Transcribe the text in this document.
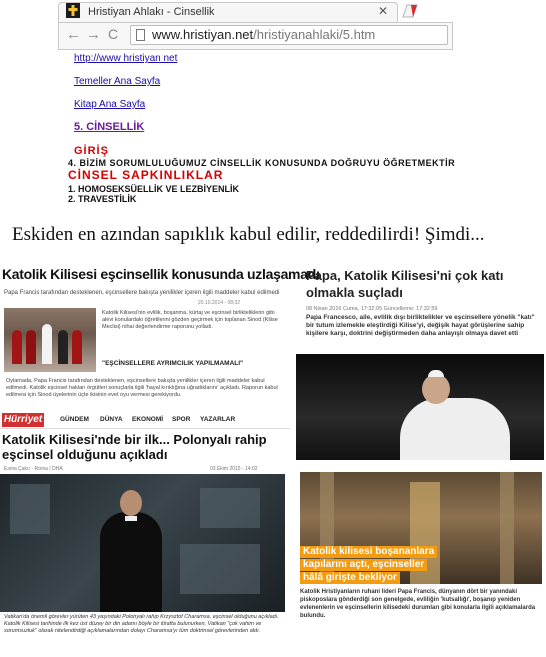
Hristiyan Ahlakı - Cinsellik	✕
← → C	www.hristiyan.net/hristiyanahlaki/5.htm
http://www hristiyan net
Temeller Ana Sayfa
Kitap Ana Sayfa
5. CİNSELLİK
GİRİŞ
4. BİZİM SORUMLULUĞUMUZ CİNSELLİK KONUSUNDA DOĞRUYU ÖĞRETMEKTİR
CİNSEL SAPKINLIKLAR
1. HOMOSEKSÜELLİK VE LEZBİYENLİK
2. TRAVESTİLİK
Eskiden en azından sapıklık kabul edilir, reddedilirdi! Şimdi...
Katolik Kilisesi eşcinsellik konusunda uzlaşamadı
Papa Francis tarafından desteklenen, eşcinsellere bakışta yenilikler içeren ilgili maddeler kabul edilmedi
20.10.2014 - 08:32
Katolik Kilisesi'nin evlilik, boşanma, kürtaj ve eşcinsel birlikteliklerin gibi alevi konulardaki öğretilerini gözden geçirmek için toplanan Sinod (Kilise Meclisi) nihai değerlendirme raporunu yolladı.
"EŞCİNSELLERE AYRIMCILIK YAPILMAMALI"
Oylamada, Papa Francis tarafından desteklenen, eşcinsellere bakışta yenilikler içeren ilgili maddeler kabul edilmedi. Katolik eşcinsel hakları örgütleri sonuçlarla ilgili 'hayal kırıklığına uğradıklarını' açıkladı. Raporun kabul edilmesi için Sinod üyelerinin üçte ikisinin evet oyu vermesi gerekiyordu.
Hürriyet	GÜNDEM DÜNYA EKONOMİ SPOR YAZARLAR
Katolik Kilisesi'nde bir ilk... Polonyalı rahip eşcinsel olduğunu açıkladı
Esma Çakır - Roma / DHA	03 Ekim 2015 - 14:02
Vatikan'da önemli görevler yürüten 43 yaşındaki Polonyalı rahip Krzysztof Charamsa, eşcinsel olduğunu açıkladı. Katolik Kilisesi tarihinde ilk kez üst düzey bir din adamı böyle bir itirafta bulunurken, Vatikan "çok vahim ve sorumsuzluk" olarak nitelendirdiği açıklamalarından dolayı Charamsa'yı tüm doktrinsel görevlerinden aldı.
Papa, Katolik Kilisesi'ni çok katı olmakla suçladı
08 Nisan 2016 Cuma, 17:32:05 Güncelleme: 17:32:59
Papa Francesco, aile, evlilik dışı birliktelikler ve eşcinsellere yönelik "katı" bir tutum izlemekle eleştirdiği Kilise'yi, değişik hayat görüşlerine sahip kişilere karşı, doktrini değiştirmeden daha anlayışlı olmaya davet etti
Katolik kilisesi boşananlara
kapılarını açtı, eşcinseller
hâlâ girişte bekliyor
Katolik Hristiyanların ruhani lideri Papa Francis, dünyanın dört bir yanındaki piskoposlara gönderdiği son genelgede, evliliğin 'kutsallığı', boşanıp yeniden evlenenlerin ve eşcinsellerin kilisedeki durumları gibi konularla ilgili açıklamalarda bulundu.
